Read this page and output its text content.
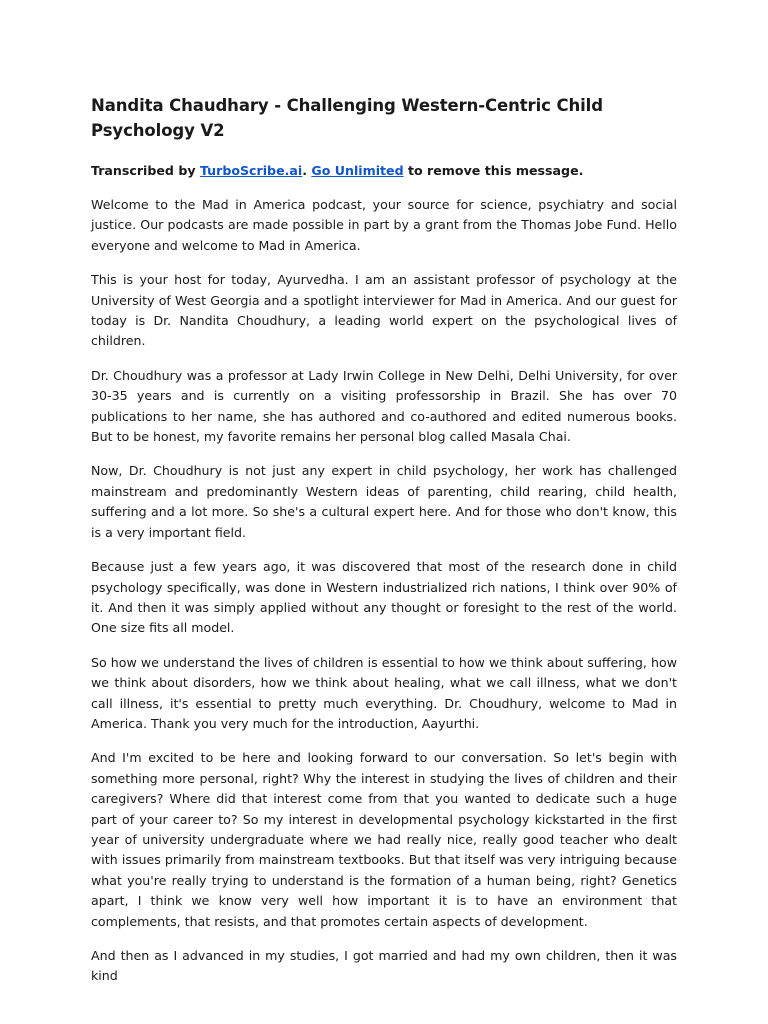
Nandita Chaudhary - Challenging Western-Centric Child Psychology V2

Transcribed by TurboScribe.ai. Go Unlimited to remove this message.

Welcome to the Mad in America podcast, your source for science, psychiatry and social justice. Our podcasts are made possible in part by a grant from the Thomas Jobe Fund. Hello everyone and welcome to Mad in America.

This is your host for today, Ayurvedha. I am an assistant professor of psychology at the University of West Georgia and a spotlight interviewer for Mad in America. And our guest for today is Dr. Nandita Choudhury, a leading world expert on the psychological lives of children.

Dr. Choudhury was a professor at Lady Irwin College in New Delhi, Delhi University, for over 30-35 years and is currently on a visiting professorship in Brazil. She has over 70 publications to her name, she has authored and co-authored and edited numerous books. But to be honest, my favorite remains her personal blog called Masala Chai.

Now, Dr. Choudhury is not just any expert in child psychology, her work has challenged mainstream and predominantly Western ideas of parenting, child rearing, child health, suffering and a lot more. So she's a cultural expert here. And for those who don't know, this is a very important field.

Because just a few years ago, it was discovered that most of the research done in child psychology specifically, was done in Western industrialized rich nations, I think over 90% of it. And then it was simply applied without any thought or foresight to the rest of the world. One size fits all model.

So how we understand the lives of children is essential to how we think about suffering, how we think about disorders, how we think about healing, what we call illness, what we don't call illness, it's essential to pretty much everything. Dr. Choudhury, welcome to Mad in America. Thank you very much for the introduction, Aayurthi.

And I'm excited to be here and looking forward to our conversation. So let's begin with something more personal, right? Why the interest in studying the lives of children and their caregivers? Where did that interest come from that you wanted to dedicate such a huge part of your career to? So my interest in developmental psychology kickstarted in the first year of university undergraduate where we had really nice, really good teacher who dealt with issues primarily from mainstream textbooks. But that itself was very intriguing because what you're really trying to understand is the formation of a human being, right? Genetics apart, I think we know very well how important it is to have an environment that complements, that resists, and that promotes certain aspects of development.

And then as I advanced in my studies, I got married and had my own children, then it was kind
